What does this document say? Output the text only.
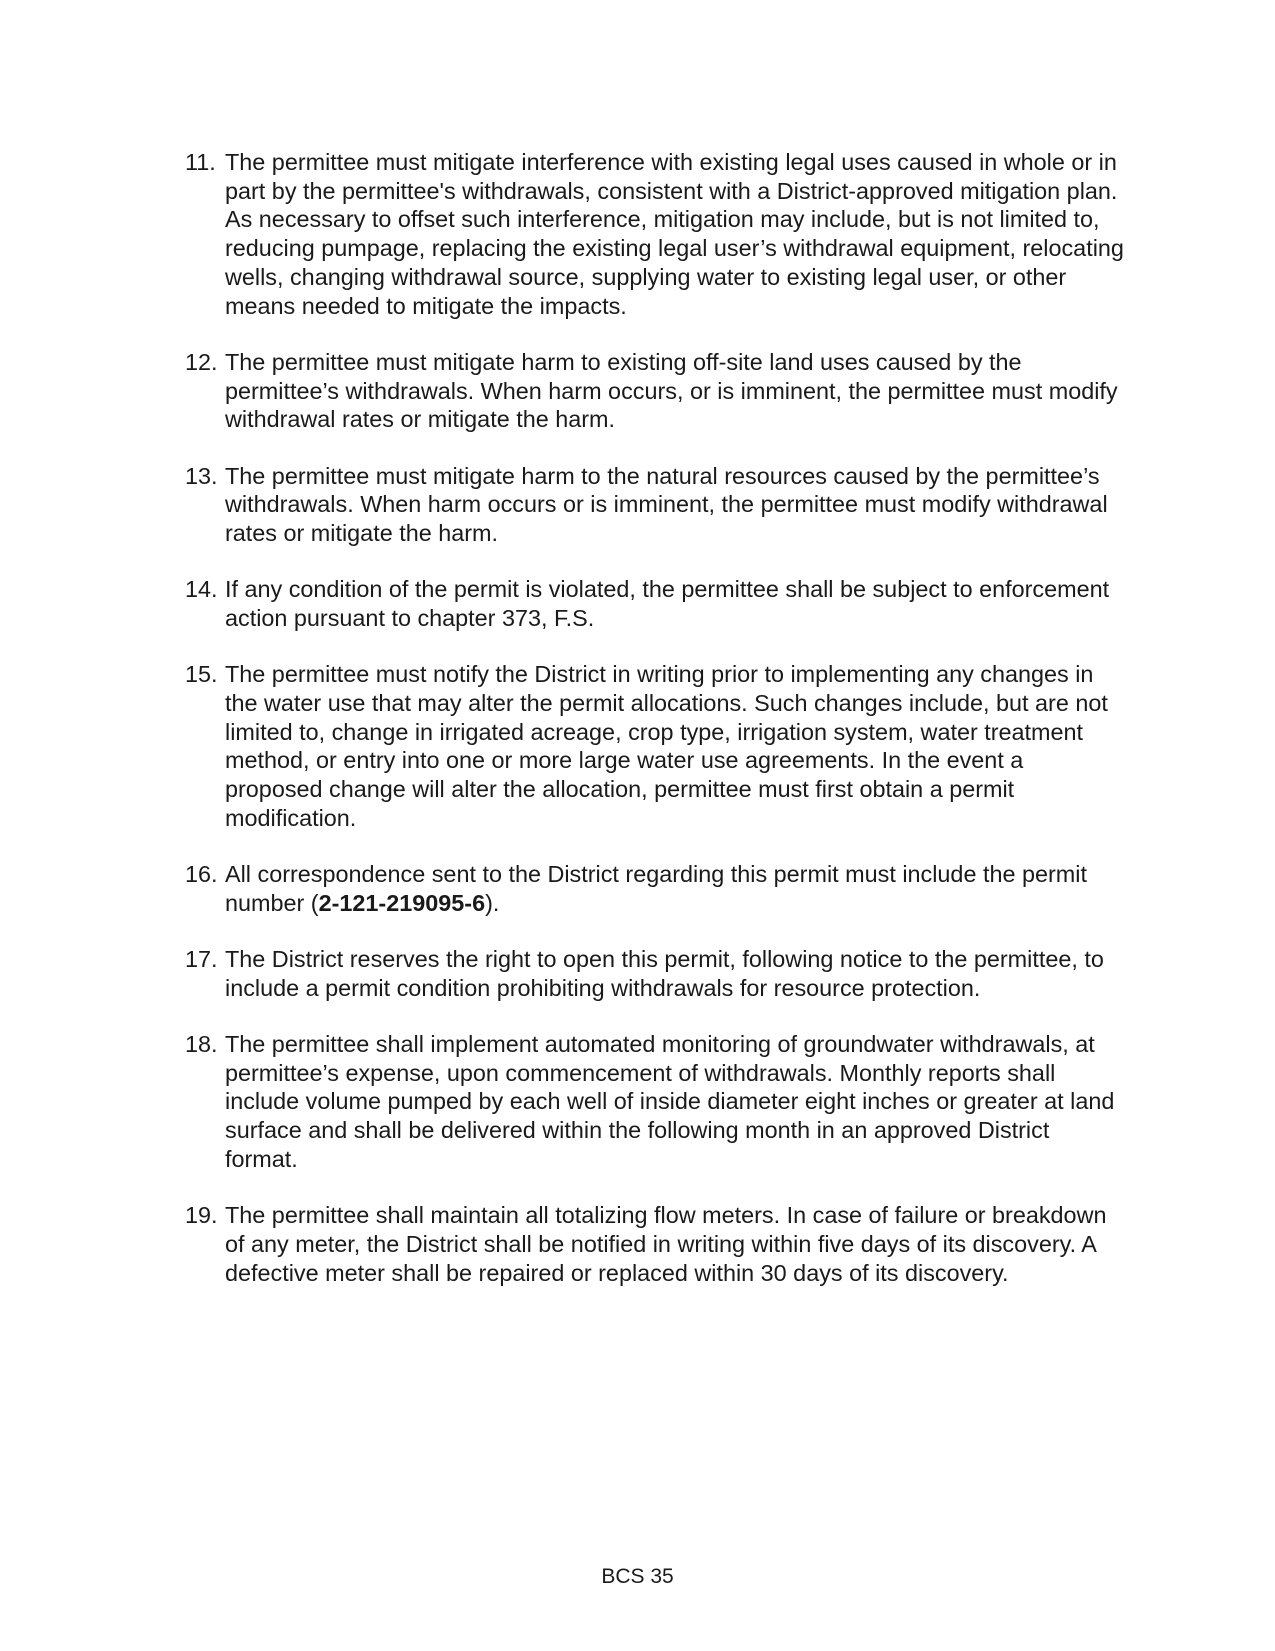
11. The permittee must mitigate interference with existing legal uses caused in whole or in part by the permittee's withdrawals, consistent with a District-approved mitigation plan. As necessary to offset such interference, mitigation may include, but is not limited to, reducing pumpage, replacing the existing legal user’s withdrawal equipment, relocating wells, changing withdrawal source, supplying water to existing legal user, or other means needed to mitigate the impacts.
12. The permittee must mitigate harm to existing off-site land uses caused by the permittee’s withdrawals. When harm occurs, or is imminent, the permittee must modify withdrawal rates or mitigate the harm.
13. The permittee must mitigate harm to the natural resources caused by the permittee’s withdrawals. When harm occurs or is imminent, the permittee must modify withdrawal rates or mitigate the harm.
14. If any condition of the permit is violated, the permittee shall be subject to enforcement action pursuant to chapter 373, F.S.
15. The permittee must notify the District in writing prior to implementing any changes in the water use that may alter the permit allocations. Such changes include, but are not limited to, change in irrigated acreage, crop type, irrigation system, water treatment method, or entry into one or more large water use agreements. In the event a proposed change will alter the allocation, permittee must first obtain a permit modification.
16. All correspondence sent to the District regarding this permit must include the permit number (2-121-219095-6).
17. The District reserves the right to open this permit, following notice to the permittee, to include a permit condition prohibiting withdrawals for resource protection.
18. The permittee shall implement automated monitoring of groundwater withdrawals, at permittee’s expense, upon commencement of withdrawals. Monthly reports shall include volume pumped by each well of inside diameter eight inches or greater at land surface and shall be delivered within the following month in an approved District format.
19. The permittee shall maintain all totalizing flow meters. In case of failure or breakdown of any meter, the District shall be notified in writing within five days of its discovery. A defective meter shall be repaired or replaced within 30 days of its discovery.
BCS 35
